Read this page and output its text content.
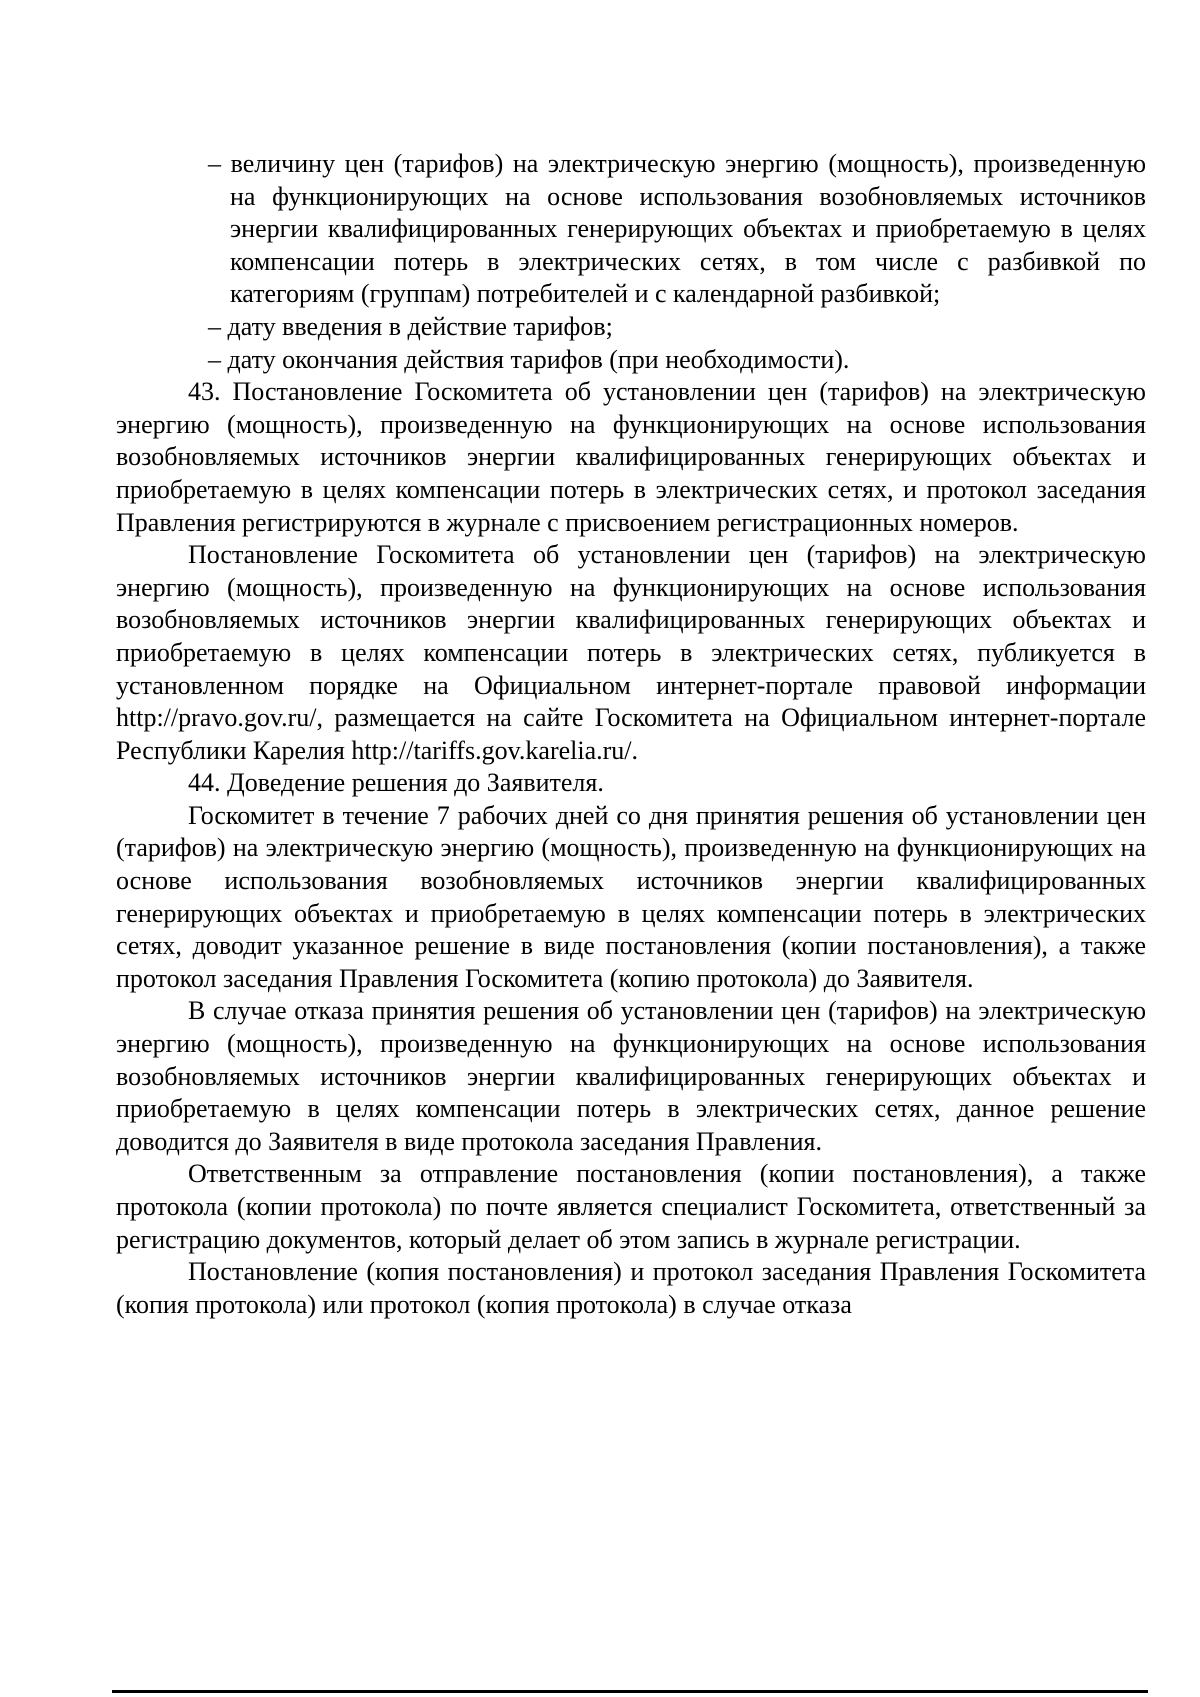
– величину цен (тарифов) на электрическую энергию (мощность), произведенную на функционирующих на основе использования возобновляемых источников энергии квалифицированных генерирующих объектах и приобретаемую в целях компенсации потерь в электрических сетях, в том числе с разбивкой по категориям (группам) потребителей и с календарной разбивкой;

– дату введения в действие тарифов;

– дату окончания действия тарифов (при необходимости).

43. Постановление Госкомитета об установлении цен (тарифов) на электрическую энергию (мощность), произведенную на функционирующих на основе использования возобновляемых источников энергии квалифицированных генерирующих объектах и приобретаемую в целях компенсации потерь в электрических сетях, и протокол заседания Правления регистрируются в журнале с присвоением регистрационных номеров.

Постановление Госкомитета об установлении цен (тарифов) на электрическую энергию (мощность), произведенную на функционирующих на основе использования возобновляемых источников энергии квалифицированных генерирующих объектах и приобретаемую в целях компенсации потерь в электрических сетях, публикуется в установленном порядке на Официальном интернет-портале правовой информации http://pravo.gov.ru/, размещается на сайте Госкомитета на Официальном интернет-портале Республики Карелия http://tariffs.gov.karelia.ru/.

44. Доведение решения до Заявителя.

Госкомитет в течение 7 рабочих дней со дня принятия решения об установлении цен (тарифов) на электрическую энергию (мощность), произведенную на функционирующих на основе использования возобновляемых источников энергии квалифицированных генерирующих объектах и приобретаемую в целях компенсации потерь в электрических сетях, доводит указанное решение в виде постановления (копии постановления), а также протокол заседания Правления Госкомитета (копию протокола) до Заявителя.

В случае отказа принятия решения об установлении цен (тарифов) на электрическую энергию (мощность), произведенную на функционирующих на основе использования возобновляемых источников энергии квалифицированных генерирующих объектах и приобретаемую в целях компенсации потерь в электрических сетях, данное решение доводится до Заявителя в виде протокола заседания Правления.

Ответственным за отправление постановления (копии постановления), а также протокола (копии протокола) по почте является специалист Госкомитета, ответственный за регистрацию документов, который делает об этом запись в журнале регистрации.

Постановление (копия постановления) и протокол заседания Правления Госкомитета (копия протокола) или протокол (копия протокола) в случае отказа
